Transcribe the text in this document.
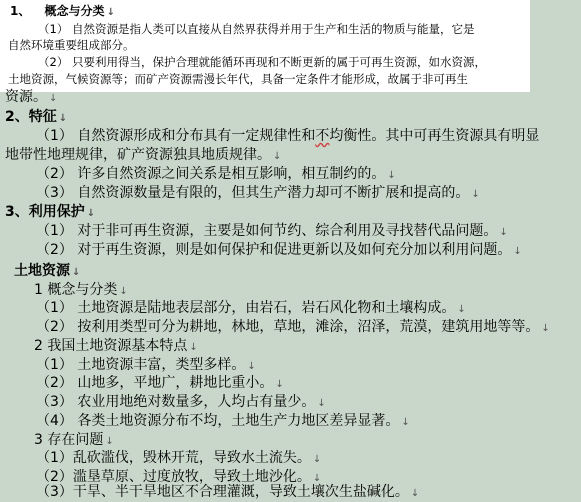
1、 概念与分类 ↓
（1） 自然资源是指人类可以直接从自然界获得并用于生产和生活的物质与能量，它是
自然环境重要组成部分。
（2） 只要利用得当，保护合理就能循环再现和不断更新的属于可再生资源，如水资源，
土地资源，气候资源等；而矿产资源需漫长年代，具备一定条件才能形成，故属于非可再生
资源。 ↓
2、特征 ↓
（1） 自然资源形成和分布具有一定规律性和不均衡性。其中可再生资源具有明显
地带性地理规律，矿产资源独具地质规律。 ↓
（2） 许多自然资源之间关系是相互影响，相互制约的。 ↓
（3） 自然资源数量是有限的，但其生产潜力却可不断扩展和提高的。 ↓
3、利用保护 ↓
（1） 对于非可再生资源，主要是如何节约、综合利用及寻找替代品问题。 ↓
（2） 对于再生资源，则是如何保护和促进更新以及如何充分加以利用问题。 ↓
土地资源 ↓
1 概念与分类 ↓
（1） 土地资源是陆地表层部分，由岩石，岩石风化物和土壤构成。 ↓
（2） 按利用类型可分为耕地，林地，草地，滩涂，沼泽，荒漠，建筑用地等等。 ↓
2 我国土地资源基本特点 ↓
（1） 土地资源丰富，类型多样。 ↓
（2） 山地多，平地广，耕地比重小。 ↓
（3） 农业用地绝对数量多，人均占有量少。 ↓
（4） 各类土地资源分布不均，土地生产力地区差异显著。 ↓
3 存在问题 ↓
（1）乱砍滥伐，毁林开荒，导致水土流失。 ↓
（2）滥垦草原、过度放牧，导致土地沙化。 ↓
（3）干旱、半干旱地区不合理灌溉，导致土壤次生盐碱化。 ↓
